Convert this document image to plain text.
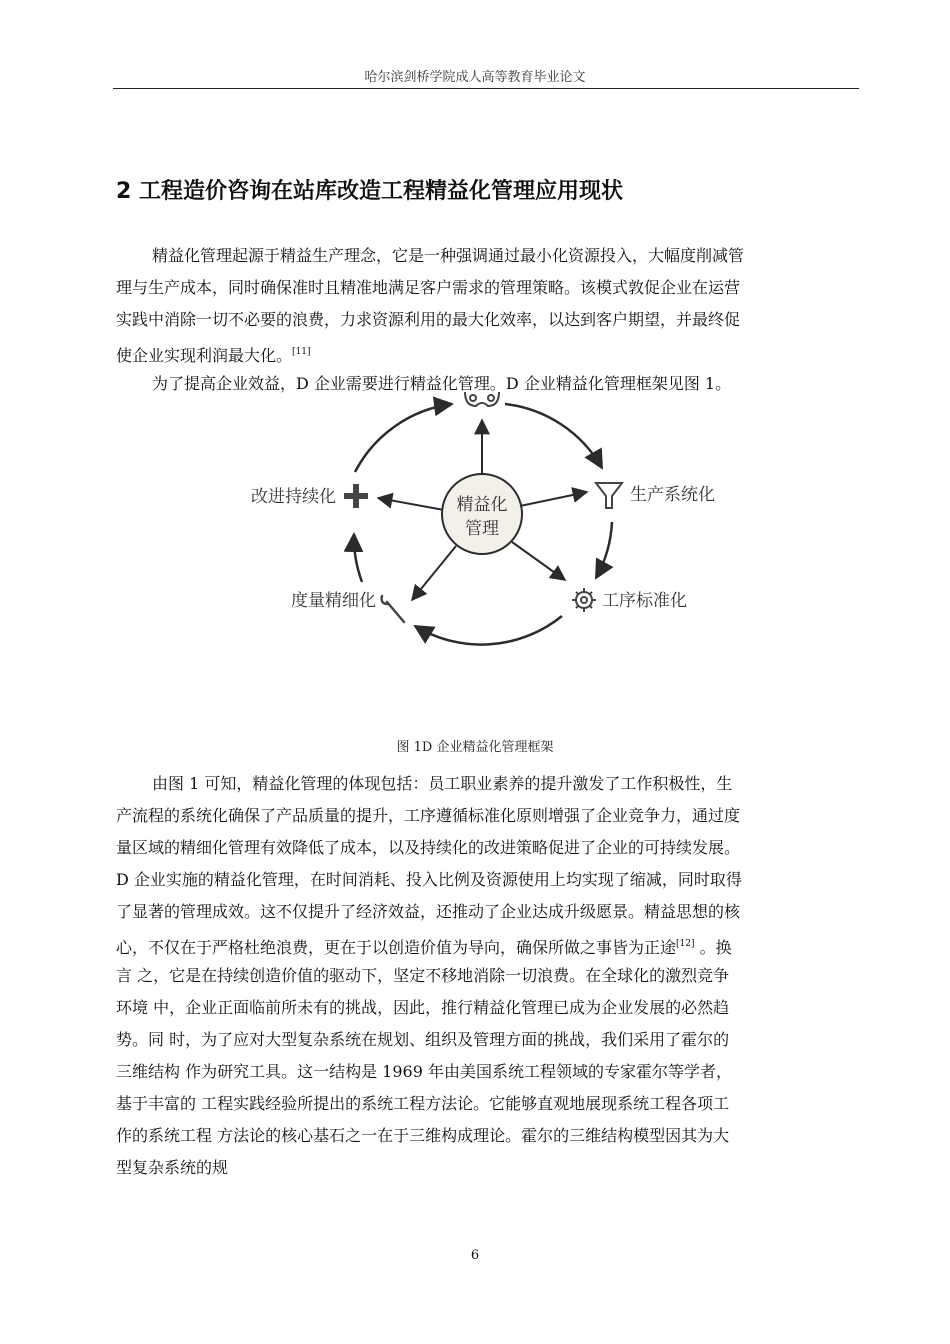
哈尔滨剑桥学院成人高等教育毕业论文
2 工程造价咨询在站库改造工程精益化管理应用现状
精益化管理起源于精益生产理念，它是一种强调通过最小化资源投入，大幅度削减管
理与生产成本，同时确保准时且精准地满足客户需求的管理策略。该模式敦促企业在运营
实践中消除一切不必要的浪费，力求资源利用的最大化效率，以达到客户期望，并最终促
使企业实现利润最大化。[11]
为了提高企业效益，D 企业需要进行精益化管理。D 企业精益化管理框架见图 1。
精益化
管理
生产系统化
工序标准化
度量精细化
改进持续化
图 1D 企业精益化管理框架
由图 1 可知，精益化管理的体现包括：员工职业素养的提升激发了工作积极性，生
产流程的系统化确保了产品质量的提升，工序遵循标准化原则增强了企业竞争力，通过度
量区域的精细化管理有效降低了成本，以及持续化的改进策略促进了企业的可持续发展。
D 企业实施的精益化管理，在时间消耗、投入比例及资源使用上均实现了缩减，同时取得
了显著的管理成效。这不仅提升了经济效益，还推动了企业达成升级愿景。精益思想的核
心，不仅在于严格杜绝浪费，更在于以创造价值为导向，确保所做之事皆为正途[12] 。换
言 之，它是在持续创造价值的驱动下，坚定不移地消除一切浪费。在全球化的激烈竞争
环境 中，企业正面临前所未有的挑战，因此，推行精益化管理已成为企业发展的必然趋
势。同 时，为了应对大型复杂系统在规划、组织及管理方面的挑战，我们采用了霍尔的
三维结构 作为研究工具。这一结构是 1969 年由美国系统工程领域的专家霍尔等学者，
基于丰富的 工程实践经验所提出的系统工程方法论。它能够直观地展现系统工程各项工
作的系统工程 方法论的核心基石之一在于三维构成理论。霍尔的三维结构模型因其为大
型复杂系统的规
6
